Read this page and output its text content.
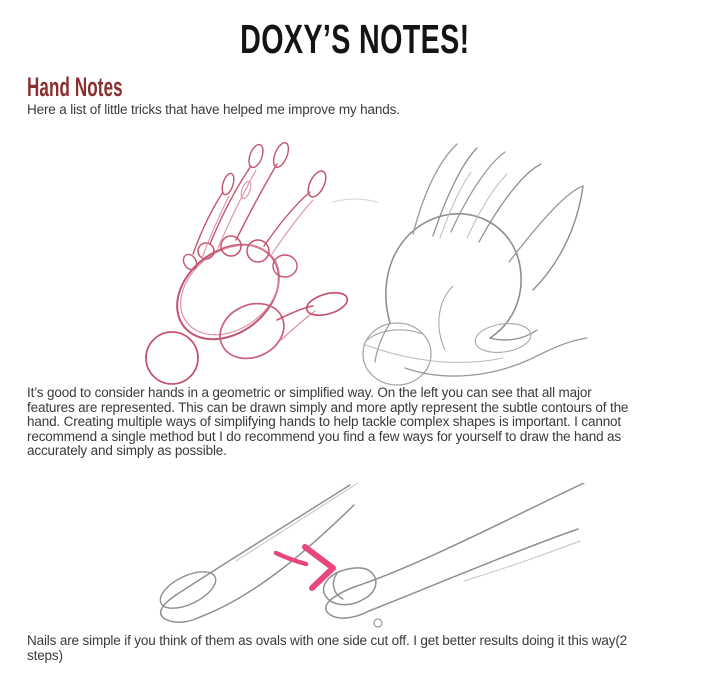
DOXY’S NOTES!
Hand Notes
Here a list of little tricks that have helped me improve my hands.
It’s good to consider hands in a geometric or simplified way. On the left you can see that all major
features are represented. This can be drawn simply and more aptly represent the subtle contours of the
hand. Creating multiple ways of simplifying hands to help tackle complex shapes is important. I cannot
recommend a single method but I do recommend you find a few ways for yourself to draw the hand as
accurately and simply as possible.
Nails are simple if you think of them as ovals with one side cut off. I get better results doing it this way(2
steps)
